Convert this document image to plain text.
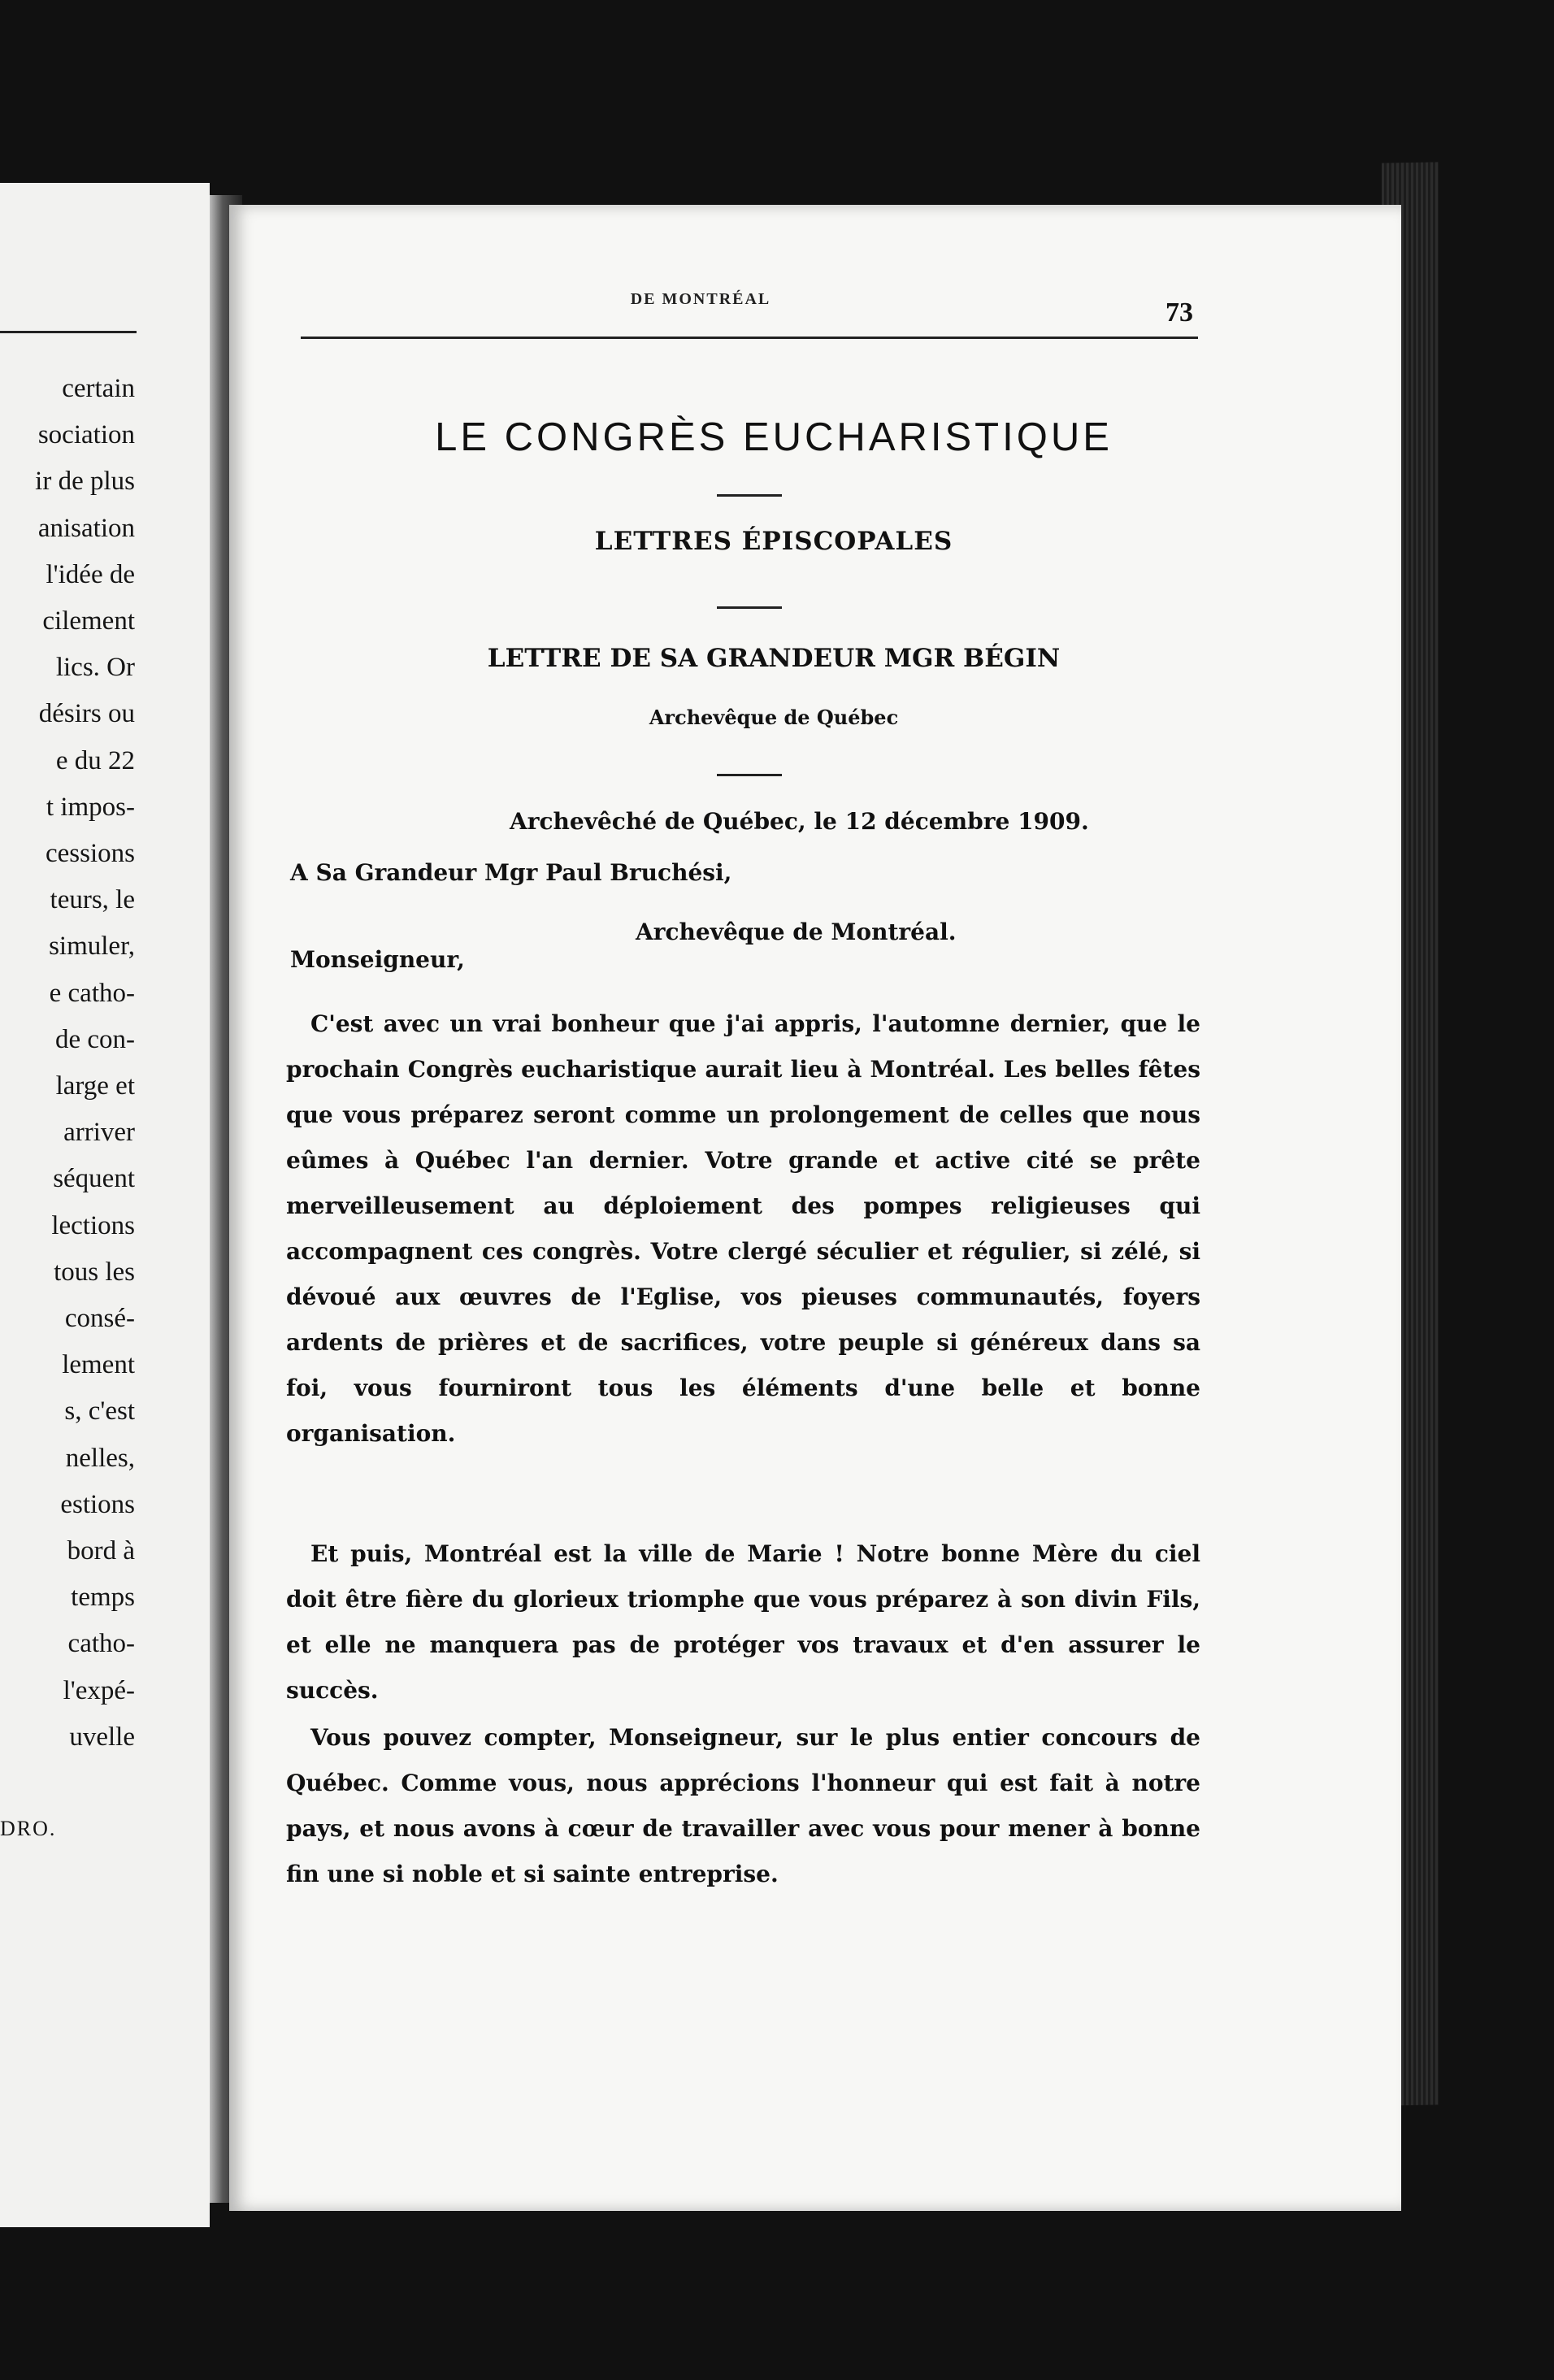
certain
sociation
ir de plus
anisation
l'idée de
cilement
lics. Or
désirs ou
e du 22
t impos-
cessions
teurs, le
simuler,
e catho-
de con-
large et
arriver
séquent
lections
tous les
consé-
lement
s, c'est
nelles,
estions
bord à
temps
catho-
l'expé-
uvelle
DRO.
DE MONTRÉAL	73
LE CONGRÈS EUCHARISTIQUE
LETTRES ÉPISCOPALES
LETTRE DE SA GRANDEUR MGR BÉGIN
Archevêque de Québec
Archevêché de Québec, le 12 décembre 1909.
A Sa Grandeur Mgr Paul Bruchési,
Archevêque de Montréal.
Monseigneur,
C'est avec un vrai bonheur que j'ai appris, l'automne dernier, que le prochain Congrès eucharistique aurait lieu à Montréal. Les belles fêtes que vous préparez seront comme un prolongement de celles que nous eûmes à Québec l'an dernier. Votre grande et active cité se prête merveilleusement au déploiement des pompes religieuses qui accompagnent ces congrès. Votre clergé séculier et régulier, si zélé, si dévoué aux œuvres de l'Eglise, vos pieuses communautés, foyers ardents de prières et de sacrifices, votre peuple si généreux dans sa foi, vous fourniront tous les éléments d'une belle et bonne organisation.
Et puis, Montréal est la ville de Marie ! Notre bonne Mère du ciel doit être fière du glorieux triomphe que vous préparez à son divin Fils, et elle ne manquera pas de protéger vos travaux et d'en assurer le succès.
Vous pouvez compter, Monseigneur, sur le plus entier concours de Québec. Comme vous, nous apprécions l'honneur qui est fait à notre pays, et nous avons à cœur de travailler avec vous pour mener à bonne fin une si noble et si sainte entreprise.
